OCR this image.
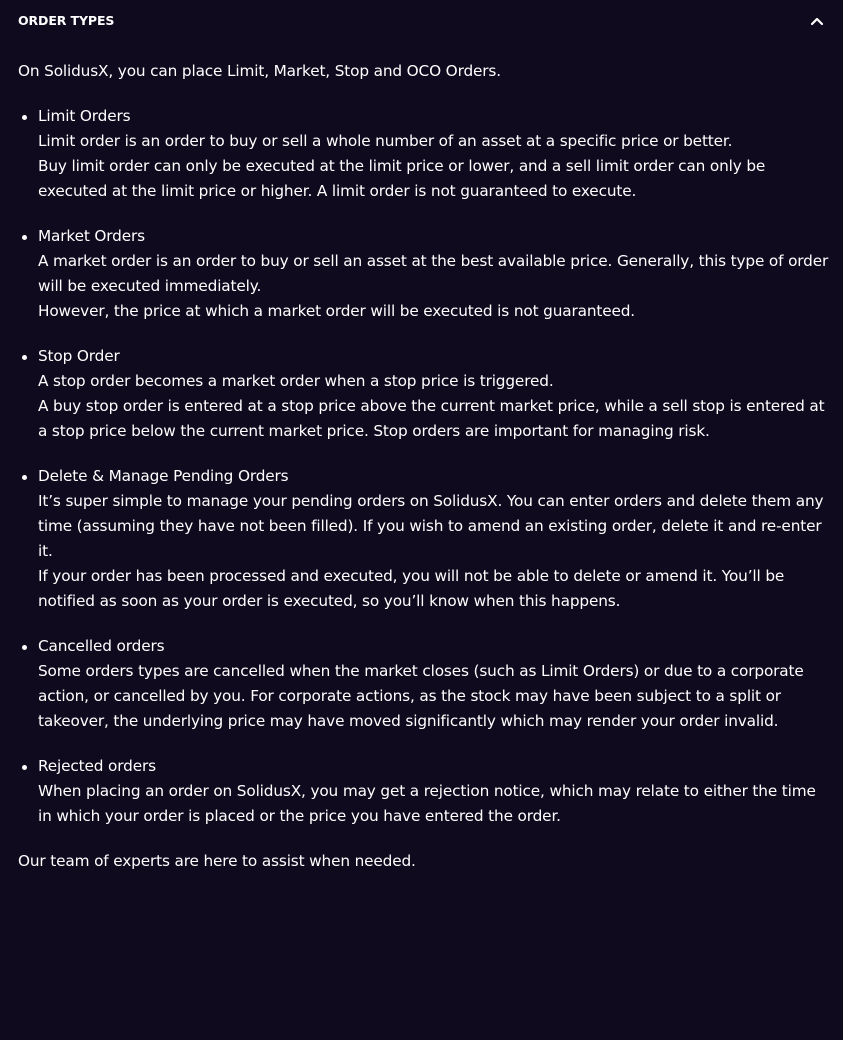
ORDER TYPES

On SolidusX, you can place Limit, Market, Stop and OCO Orders.

Limit Orders

Limit order is an order to buy or sell a whole number of an asset at a specific price or better.

Buy limit order can only be executed at the limit price or lower, and a sell limit order can only be executed at the limit price or higher. A limit order is not guaranteed to execute.

Market Orders

A market order is an order to buy or sell an asset at the best available price. Generally, this type of order will be executed immediately.

However, the price at which a market order will be executed is not guaranteed.

Stop Order

A stop order becomes a market order when a stop price is triggered.

A buy stop order is entered at a stop price above the current market price, while a sell stop is entered at a stop price below the current market price. Stop orders are important for managing risk.

Delete & Manage Pending Orders

It’s super simple to manage your pending orders on SolidusX. You can enter orders and delete them any time (assuming they have not been filled). If you wish to amend an existing order, delete it and re-enter it.

If your order has been processed and executed, you will not be able to delete or amend it. You’ll be notified as soon as your order is executed, so you’ll know when this happens.

Cancelled orders

Some orders types are cancelled when the market closes (such as Limit Orders) or due to a corporate action, or cancelled by you. For corporate actions, as the stock may have been subject to a split or takeover, the underlying price may have moved significantly which may render your order invalid.

Rejected orders

When placing an order on SolidusX, you may get a rejection notice, which may relate to either the time in which your order is placed or the price you have entered the order.

Our team of experts are here to assist when needed.
